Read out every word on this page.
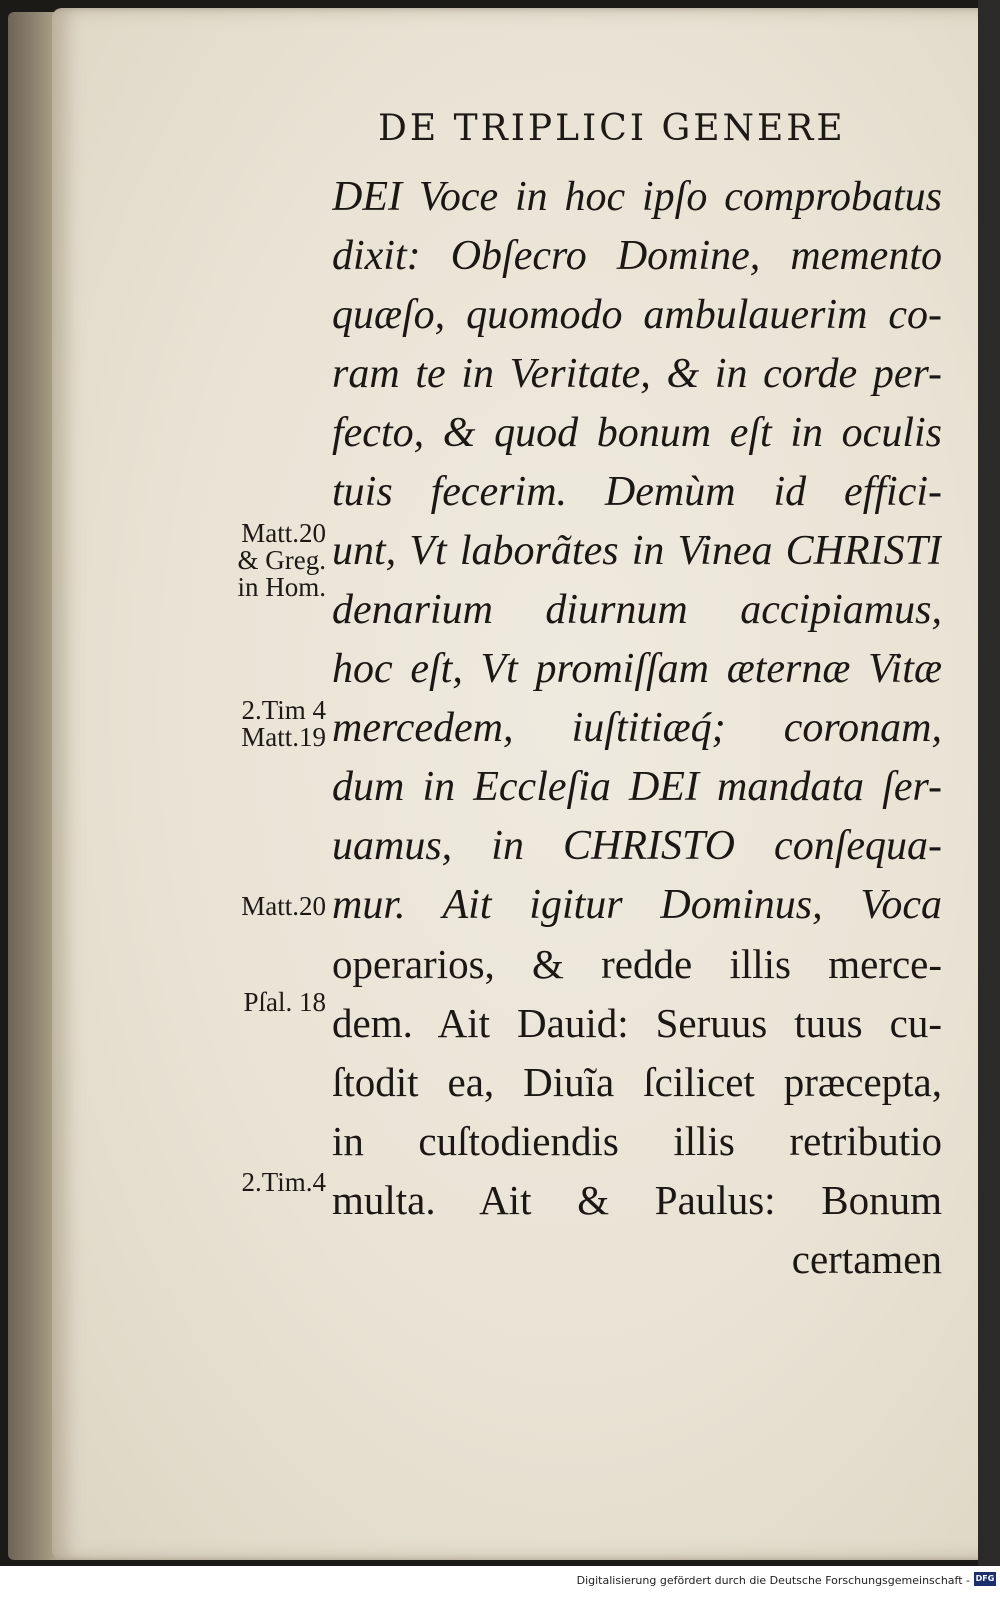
DE TRIPLICI GENERE
DEI Voce in hoc ipſo comprobatus
dixit: Obſecro Domine, memento
quæſo, quomodo ambulauerim co-
ram te in Veritate, & in corde per-
fecto, & quod bonum eſt in oculis
tuis fecerim. Demùm id effici-
unt, Vt laborãtes in Vinea CHRISTI
denarium diurnum accipiamus,
hoc eſt, Vt promiſſam æternæ Vitæ
mercedem, iuſtitiæq́; coronam,
dum in Eccleſia DEI mandata ſer-
uamus, in CHRISTO conſequa-
mur. Ait igitur Dominus, Voca
operarios, & redde illis merce-
dem. Ait Dauid: Seruus tuus cu-
ſtodit ea, Diuĩa ſcilicet præcepta,
in cuſtodiendis illis retributio
multa. Ait & Paulus: Bonum
certamen
Matt.20
& Greg.
in Hom.
2.Tim 4
Matt.19
Matt.20
Pſal. 18
2.Tim.4
Digitalisierung gefördert durch die Deutsche Forschungsgemeinschaft - DFG
